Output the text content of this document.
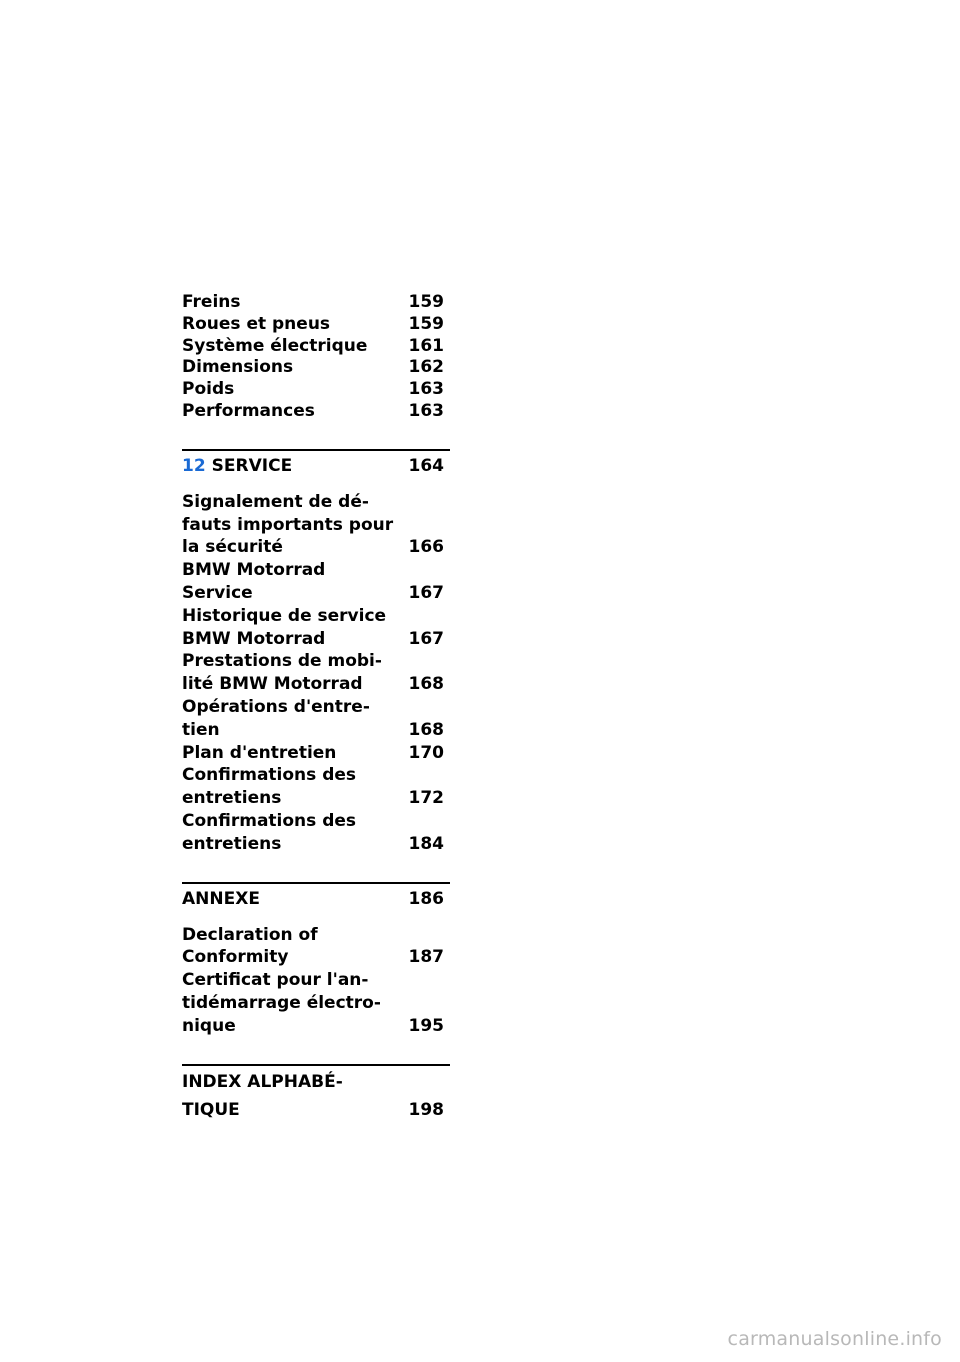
Freins	159
Roues et pneus	159
Système électrique	161
Dimensions	162
Poids	163
Performances	163
12 SERVICE	164
Signalement de dé-
fauts importants pour
la sécurité	166
BMW Motorrad
Service	167
Historique de service
BMW Motorrad	167
Prestations de mobi-
lité BMW Motorrad	168
Opérations d'entre-
tien	168
Plan d'entretien	170
Confirmations des
entretiens	172
Confirmations des
entretiens	184
ANNEXE	186
Declaration of
Conformity	187
Certificat pour l'an-
tidémarrage électro-
nique	195
INDEX ALPHABÉ-
TIQUE	198
carmanualsonline.info
